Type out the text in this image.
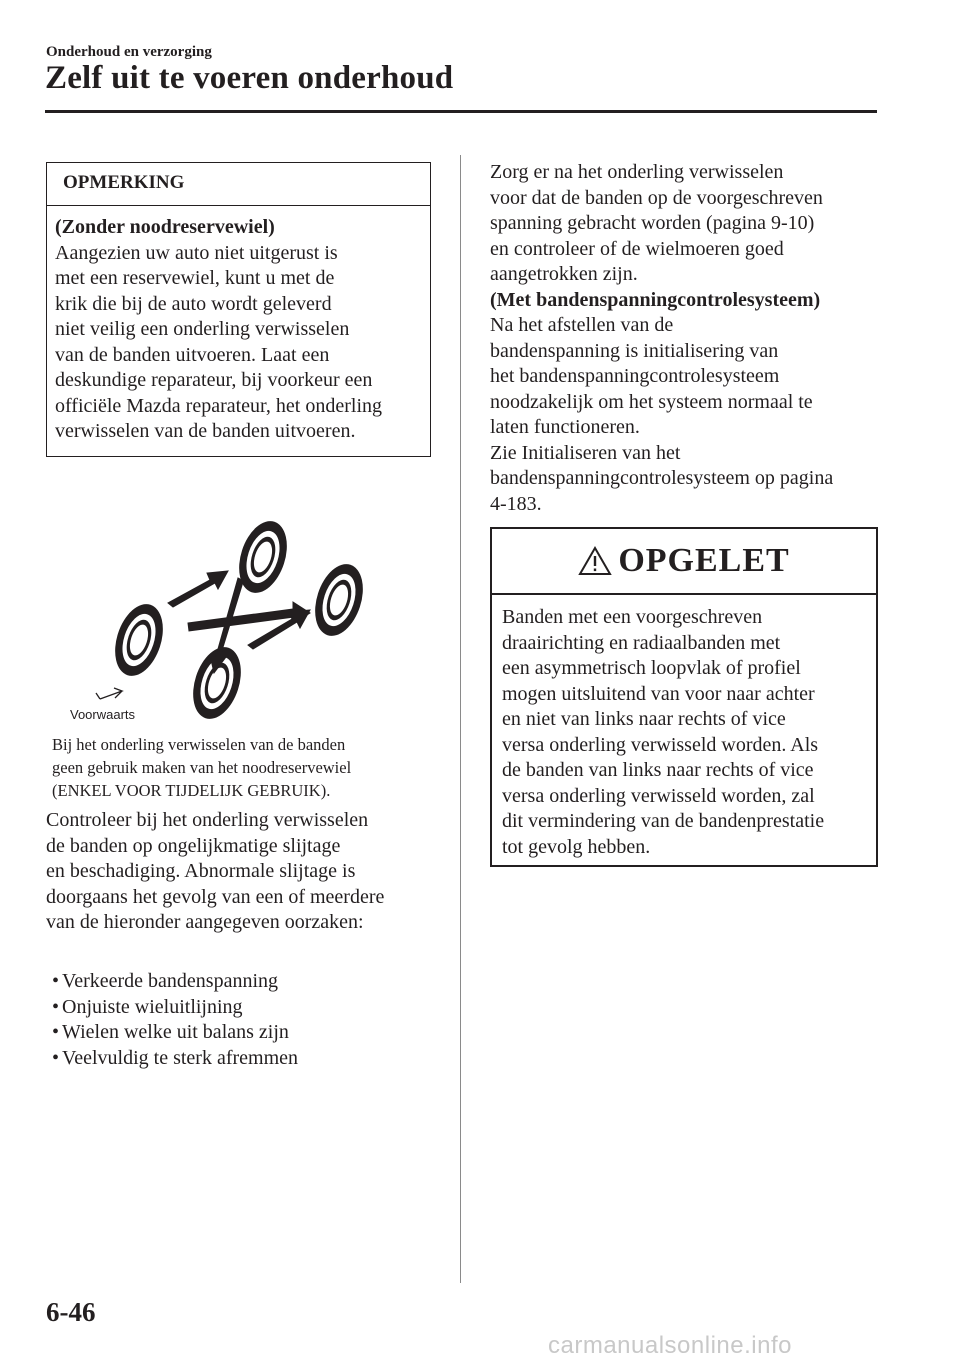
Onderhoud en verzorging
Zelf uit te voeren onderhoud
OPMERKING
(Zonder noodreservewiel)
Aangezien uw auto niet uitgerust is
met een reservewiel, kunt u met de
krik die bij de auto wordt geleverd
niet veilig een onderling verwisselen
van de banden uitvoeren. Laat een
deskundige reparateur, bij voorkeur een
officiële Mazda reparateur, het onderling
verwisselen van de banden uitvoeren.
Voorwaarts
Bij het onderling verwisselen van de banden
geen gebruik maken van het noodreservewiel
(ENKEL VOOR TIJDELIJK GEBRUIK).
Controleer bij het onderling verwisselen
de banden op ongelijkmatige slijtage
en beschadiging. Abnormale slijtage is
doorgaans het gevolg van een of meerdere
van de hieronder aangegeven oorzaken:
• Verkeerde bandenspanning
• Onjuiste wieluitlijning
• Wielen welke uit balans zijn
• Veelvuldig te sterk afremmen
Zorg er na het onderling verwisselen
voor dat de banden op de voorgeschreven
spanning gebracht worden (pagina 9-10)
en controleer of de wielmoeren goed
aangetrokken zijn.
(Met bandenspanningcontrolesysteem)
Na het afstellen van de
bandenspanning is initialisering van
het bandenspanningcontrolesysteem
noodzakelijk om het systeem normaal te
laten functioneren.
Zie Initialiseren van het
bandenspanningcontrolesysteem op pagina
4-183.
OPGELET
Banden met een voorgeschreven
draairichting en radiaalbanden met
een asymmetrisch loopvlak of profiel
mogen uitsluitend van voor naar achter
en niet van links naar rechts of vice
versa onderling verwisseld worden. Als
de banden van links naar rechts of vice
versa onderling verwisseld worden, zal
dit vermindering van de bandenprestatie
tot gevolg hebben.
6-46
carmanualsonline.info
